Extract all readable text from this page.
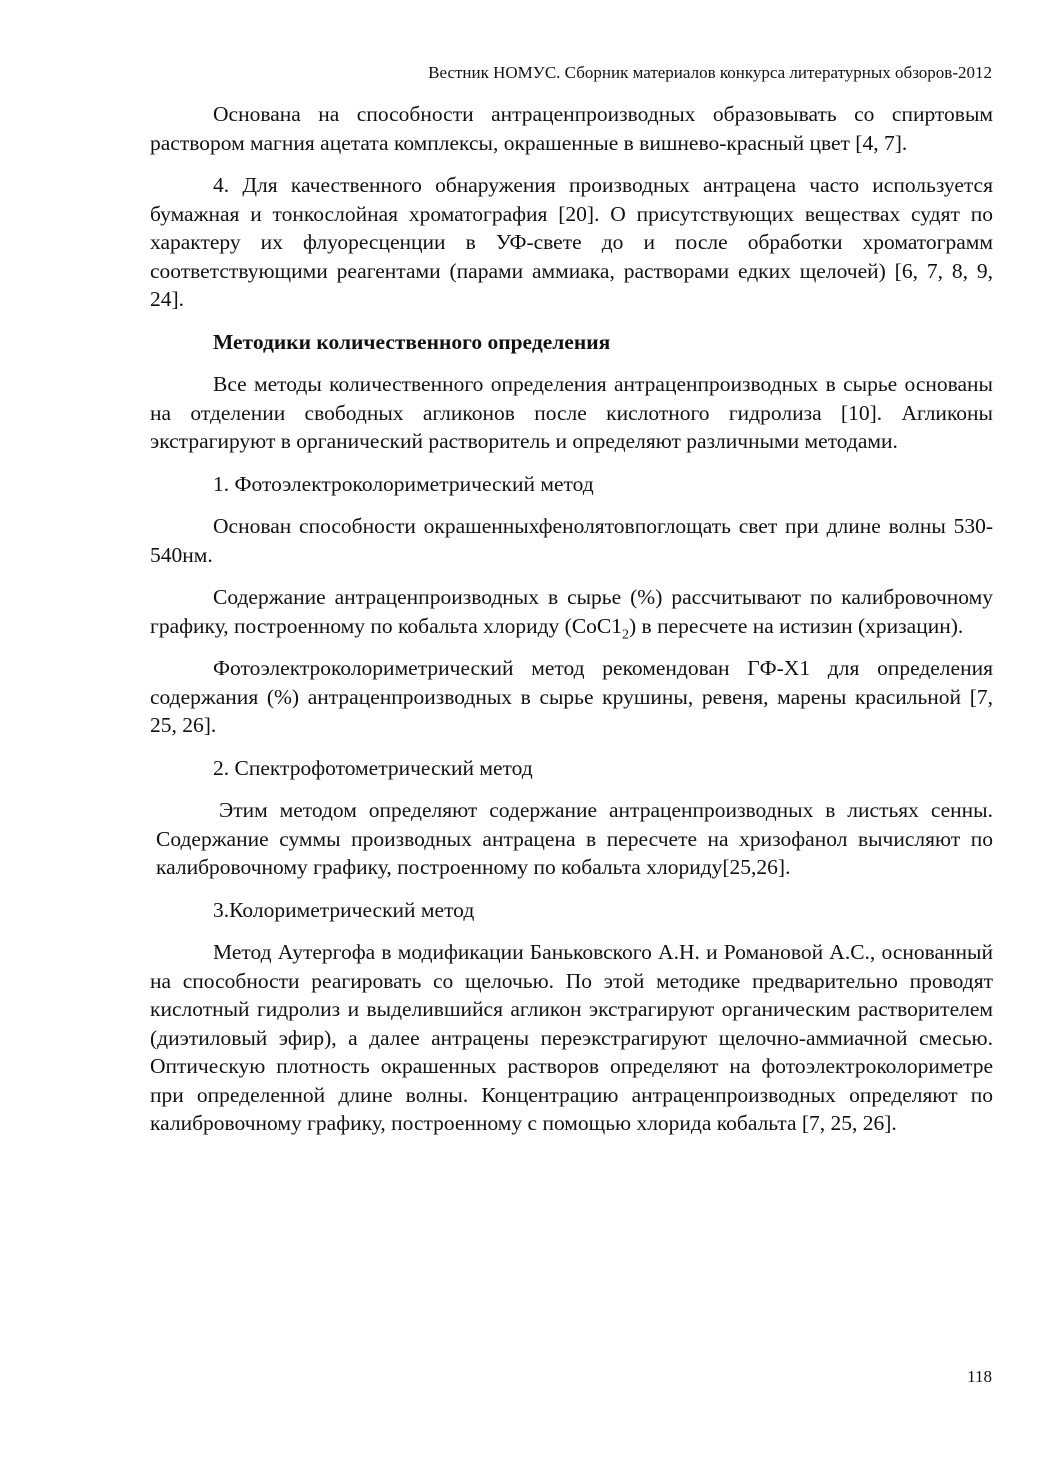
Вестник НОМУС. Сборник материалов конкурса литературных обзоров-2012

Основана на способности антраценпроизводных образовывать со спиртовым раствором магния ацетата комплексы, окрашенные в вишнево-красный цвет [4, 7].

4. Для качественного обнаружения производных антрацена часто используется бумажная и тонкослойная хроматография [20]. О присутствующих веществах судят по характеру их флуоресценции в УФ-свете до и после обработки хроматограмм соответствующими реагентами (парами аммиака, растворами едких щелочей) [6, 7, 8, 9, 24].

Методики количественного определения

Все методы количественного определения антраценпроизводных в сырье основаны на отделении свободных агликонов после кислотного гидролиза [10]. Агликоны экстрагируют в органический растворитель и определяют различными методами.

1. Фотоэлектроколориметрический метод

Основан способности окрашенныхфенолятовпоглощать свет при длине волны 530-540нм.

Содержание антраценпроизводных в сырье (%) рассчитывают по калибровочному графику, построенному по кобальта хлориду $(СоС1_2)$ в пересчете на истизин (хризацин).

Фотоэлектроколориметрический метод рекомендован ГФ-Х1 для определения содержания (%) антраценпроизводных в сырье крушины, ревеня, марены красильной [7, 25, 26].

2. Спектрофотометрический метод

Этим методом определяют содержание антраценпроизводных в листьях сенны. Содержание суммы производных антрацена в пересчете на хризофанол вычисляют по калибровочному графику, построенному по кобальта хлориду[25,26].

3.Колориметрический метод

Метод Аутергофа в модификации Баньковского А.Н. и Романовой А.С., основанный на способности реагировать со щелочью. По этой методике предварительно проводят кислотный гидролиз и выделившийся агликон экстрагируют органическим растворителем (диэтиловый эфир), а далее антрацены переэкстрагируют щелочно-аммиачной смесью. Оптическую плотность окрашенных растворов определяют на фотоэлектроколориметре при определенной длине волны. Концентрацию антраценпроизводных определяют по калибровочному графику, построенному с помощью хлорида кобальта [7, 25, 26].

118
